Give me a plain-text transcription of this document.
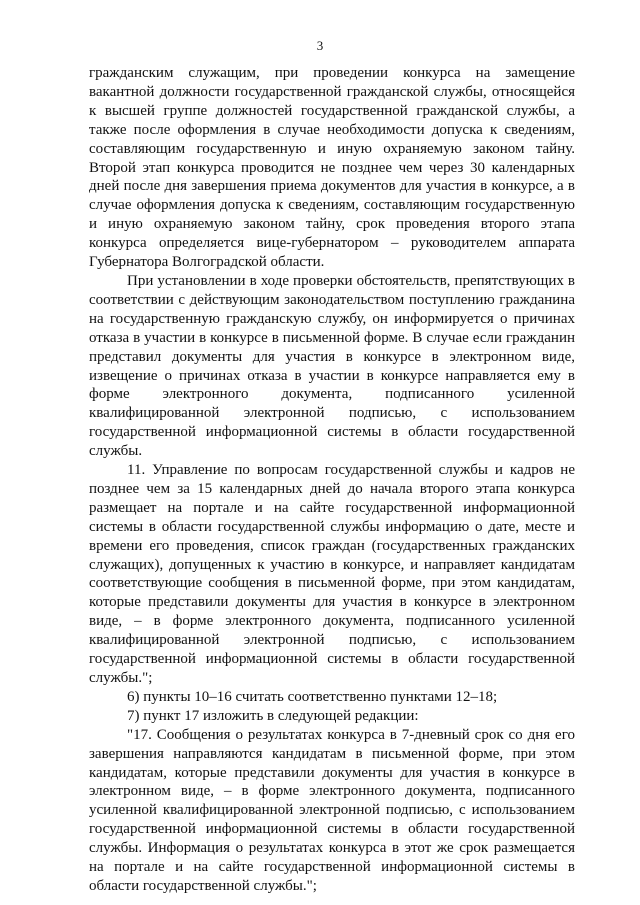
3

гражданским служащим, при проведении конкурса на замещение вакантной должности государственной гражданской службы, относящейся к высшей группе должностей государственной гражданской службы, а также после оформления в случае необходимости допуска к сведениям, составляющим государственную и иную охраняемую законом тайну. Второй этап конкурса проводится не позднее чем через 30 календарных дней после дня завершения приема документов для участия в конкурсе, а в случае оформления допуска к сведениям, составляющим государственную и иную охраняемую законом тайну, срок проведения второго этапа конкурса определяется вице-губернатором – руководителем аппарата Губернатора Волгоградской области.

При установлении в ходе проверки обстоятельств, препятствующих в соответствии с действующим законодательством поступлению гражданина на государственную гражданскую службу, он информируется о причинах отказа в участии в конкурсе в письменной форме. В случае если гражданин представил документы для участия в конкурсе в электронном виде, извещение о причинах отказа в участии в конкурсе направляется ему в форме электронного документа, подписанного усиленной квалифицированной электронной подписью, с использованием государственной информационной системы в области государственной службы.

11. Управление по вопросам государственной службы и кадров не позднее чем за 15 календарных дней до начала второго этапа конкурса размещает на портале и на сайте государственной информационной системы в области государственной службы информацию о дате, месте и времени его проведения, список граждан (государственных гражданских служащих), допущенных к участию в конкурсе, и направляет кандидатам соответствующие сообщения в письменной форме, при этом кандидатам, которые представили документы для участия в конкурсе в электронном виде, – в форме электронного документа, подписанного усиленной квалифицированной электронной подписью, с использованием государственной информационной системы в области государственной службы.";

6) пункты 10–16 считать соответственно пунктами 12–18;

7) пункт 17 изложить в следующей редакции:

"17. Сообщения о результатах конкурса в 7-дневный срок со дня его завершения направляются кандидатам в письменной форме, при этом кандидатам, которые представили документы для участия в конкурсе в электронном виде, – в форме электронного документа, подписанного усиленной квалифицированной электронной подписью, с использованием государственной информационной системы в области государственной службы. Информация о результатах конкурса в этот же срок размещается на портале и на сайте государственной информационной системы в области государственной службы.";
